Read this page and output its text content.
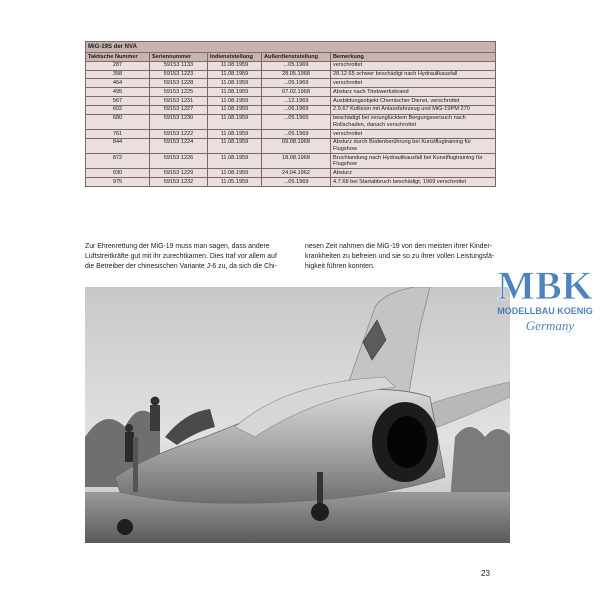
MiG-19S der NVA				
Taktische Nummer	Seriennummer	Indienststellung	Außerdienststellung	Bemerkung
287	59153 1133	11.08.1959	...05.1969	verschrottet
358	59153 1223	11.08.1959	28.05.1968	28.12.65 schwer beschädigt nach Hydraulikausfall
464	59153 1228	11.08.1959	...05.1969	verschrottet
495	59153 1225	11.08.1959	07.02.1968	Absturz nach Triebwerksbrand
567	59153 1231	11.08.1959	...12.1969	Ausbildungsobjekt Chemischer Dienst, verschrottet
602	59153 1227	11.08.1959	...06.1969	2.9.67 Kollision mit Anlassfahrzeug und MiG-19PM 270
680	59153 1230	11.08.1959	...05.1965	beschädigt bei verunglücktem Bergungsversuch nach Rollschaden, danach verschrottet
761	59153 1222	11.08.1959	...05.1969	verschrottet
844	59153 1224	11.08.1959	09.08.1968	Absturz durch Bodenberührung bei Kunstflugtraining für Flugshow
872	59153 1226	11.08.1959	18.08.1968	Bruchlandung nach Hydraulikausfall bei Kunstflugtraining für Flugshow
930	59153 1229	11.08.1959	24.04.1962	Absturz
975	59153 1232	11.05.1959	...05.1969	4.7.68 bei Startabbruch beschädigt, 1969 verschrottet
Zur Ehrenrettung der MiG-19 muss man sagen, dass andere
Luftstreitkräfte gut mit ihr zurechtkamen. Dies traf vor allem auf
die Betreiber der chinesischen Variante J-6 zu, da sich die Chi-
nesen Zeit nahmen die MiG-19 von den meisten ihrer Kinder-
krankheiten zu befreien und sie so zu ihrer vollen Leistungsfä-
higkeit führen konnten.
23
MBK
MODELLBAU KOENIG
Germany
